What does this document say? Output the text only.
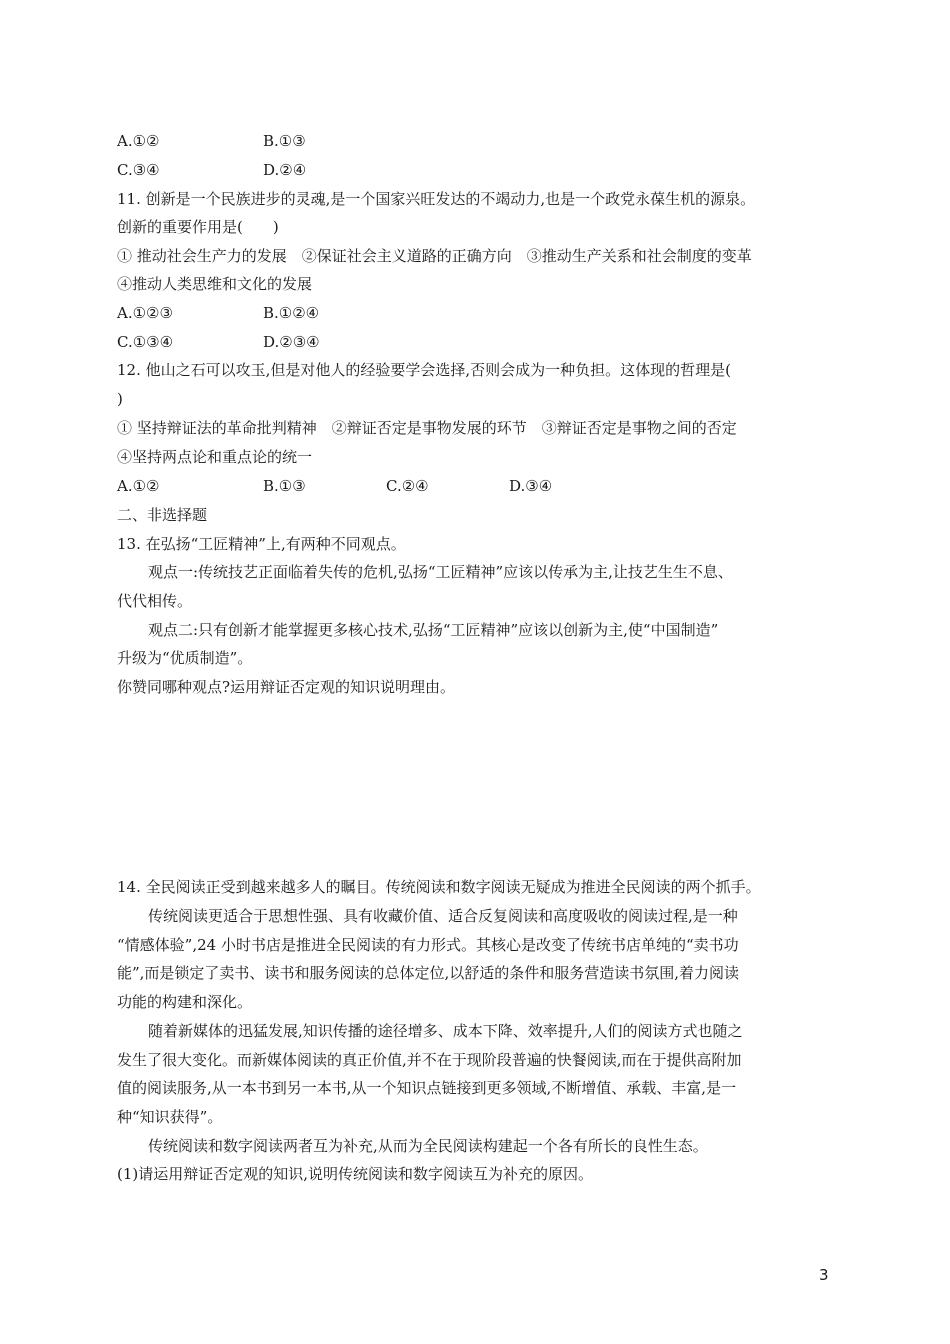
A.①②	B.①③
C.③④	D.②④
11. 创新是一个民族进步的灵魂,是一个国家兴旺发达的不竭动力,也是一个政党永葆生机的源泉。
创新的重要作用是(　　)
① 推动社会生产力的发展　②保证社会主义道路的正确方向　③推动生产关系和社会制度的变革
④推动人类思维和文化的发展
A.①②③	B.①②④
C.①③④	D.②③④
12. 他山之石可以攻玉,但是对他人的经验要学会选择,否则会成为一种负担。这体现的哲理是(
)
① 坚持辩证法的革命批判精神　②辩证否定是事物发展的环节　③辩证否定是事物之间的否定
④坚持两点论和重点论的统一
A.①②	B.①③	C.②④	D.③④
二、非选择题
13. 在弘扬“工匠精神”上,有两种不同观点。
观点一:传统技艺正面临着失传的危机,弘扬“工匠精神”应该以传承为主,让技艺生生不息、
代代相传。
观点二:只有创新才能掌握更多核心技术,弘扬“工匠精神”应该以创新为主,使“中国制造”
升级为“优质制造”。
你赞同哪种观点?运用辩证否定观的知识说明理由。
14. 全民阅读正受到越来越多人的瞩目。传统阅读和数字阅读无疑成为推进全民阅读的两个抓手。
传统阅读更适合于思想性强、具有收藏价值、适合反复阅读和高度吸收的阅读过程,是一种
“情感体验”,24 小时书店是推进全民阅读的有力形式。其核心是改变了传统书店单纯的“卖书功
能”,而是锁定了卖书、读书和服务阅读的总体定位,以舒适的条件和服务营造读书氛围,着力阅读
功能的构建和深化。
随着新媒体的迅猛发展,知识传播的途径增多、成本下降、效率提升,人们的阅读方式也随之
发生了很大变化。而新媒体阅读的真正价值,并不在于现阶段普遍的快餐阅读,而在于提供高附加
值的阅读服务,从一本书到另一本书,从一个知识点链接到更多领域,不断增值、承载、丰富,是一
种“知识获得”。
传统阅读和数字阅读两者互为补充,从而为全民阅读构建起一个各有所长的良性生态。
(1)请运用辩证否定观的知识,说明传统阅读和数字阅读互为补充的原因。
3
